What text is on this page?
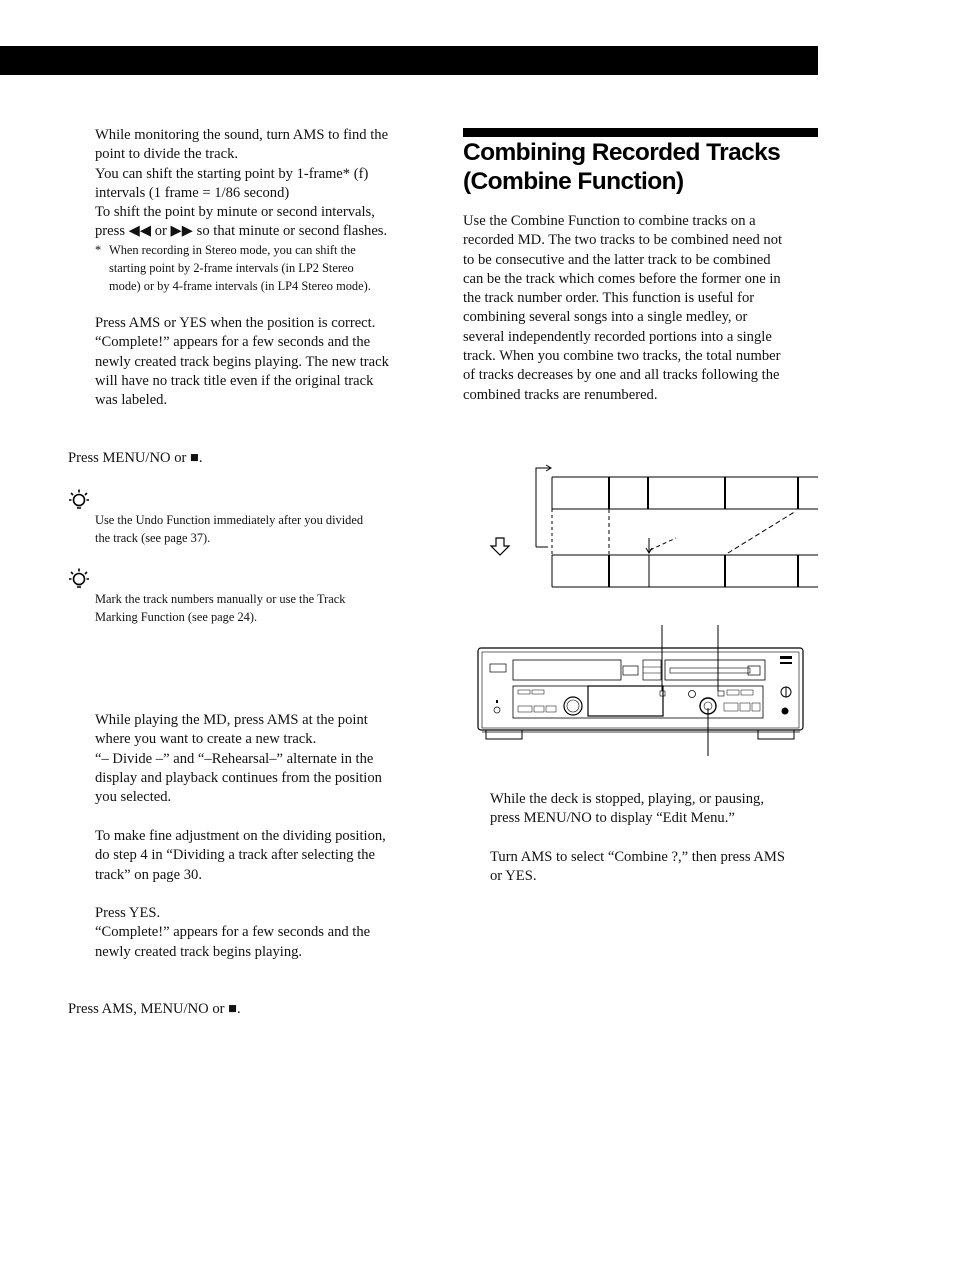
While monitoring the sound, turn AMS to find the
point to divide the track.
You can shift the starting point by 1-frame* (f)
intervals (1 frame = 1/86 second)
To shift the point by minute or second intervals,
press ◀◀ or ▶▶ so that minute or second flashes.
* When recording in Stereo mode, you can shift the
starting point by 2-frame intervals (in LP2 Stereo
mode) or by 4-frame intervals (in LP4 Stereo mode).
Press AMS or YES when the position is correct.
“Complete!” appears for a few seconds and the
newly created track begins playing. The new track
will have no track title even if the original track
was labeled.
Press MENU/NO or ■.
Use the Undo Function immediately after you divided
the track (see page 37).
Mark the track numbers manually or use the Track
Marking Function (see page 24).
While playing the MD, press AMS at the point
where you want to create a new track.
“– Divide –” and “–Rehearsal–” alternate in the
display and playback continues from the position
you selected.
To make fine adjustment on the dividing position,
do step 4 in “Dividing a track after selecting the
track” on page 30.
Press YES.
“Complete!” appears for a few seconds and the
newly created track begins playing.
Press AMS, MENU/NO or ■.
Combining Recorded Tracks
(Combine Function)
Use the Combine Function to combine tracks on a
recorded MD. The two tracks to be combined need not
to be consecutive and the latter track to be combined
can be the track which comes before the former one in
the track number order. This function is useful for
combining several songs into a single medley, or
several independently recorded portions into a single
track. When you combine two tracks, the total number
of tracks decreases by one and all tracks following the
combined tracks are renumbered.
While the deck is stopped, playing, or pausing,
press MENU/NO to display “Edit Menu.”
Turn AMS to select “Combine ?,” then press AMS
or YES.
